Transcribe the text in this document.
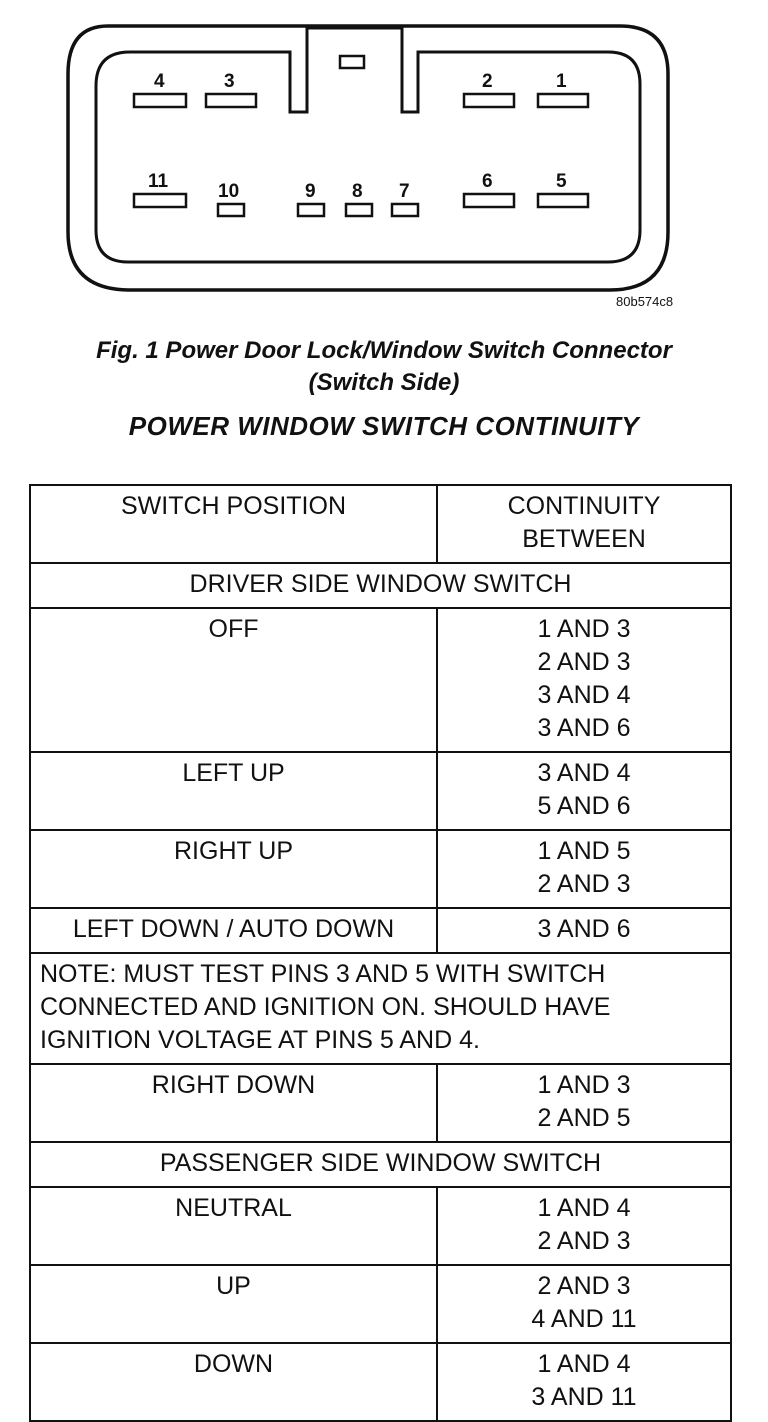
4	3	2	1
11	10	9 8 7	6	5
80b574c8
Fig. 1 Power Door Lock/Window Switch Connector
(Switch Side)
POWER WINDOW SWITCH CONTINUITY
SWITCH POSITION	CONTINUITY BETWEEN
DRIVER SIDE WINDOW SWITCH	
OFF	1 AND 3
2 AND 3
3 AND 4
3 AND 6

LEFT UP	3 AND 4
5 AND 6

RIGHT UP	1 AND 5
2 AND 3

LEFT DOWN / AUTO DOWN	3 AND 6

NOTE: MUST TEST PINS 3 AND 5 WITH SWITCH
CONNECTED AND IGNITION ON. SHOULD HAVE
IGNITION VOLTAGE AT PINS 5 AND 4.	

RIGHT DOWN	1 AND 3
2 AND 5

PASSENGER SIDE WINDOW SWITCH	
NEUTRAL	1 AND 4
2 AND 3

UP	2 AND 3
4 AND 11

DOWN	1 AND 4
3 AND 11
